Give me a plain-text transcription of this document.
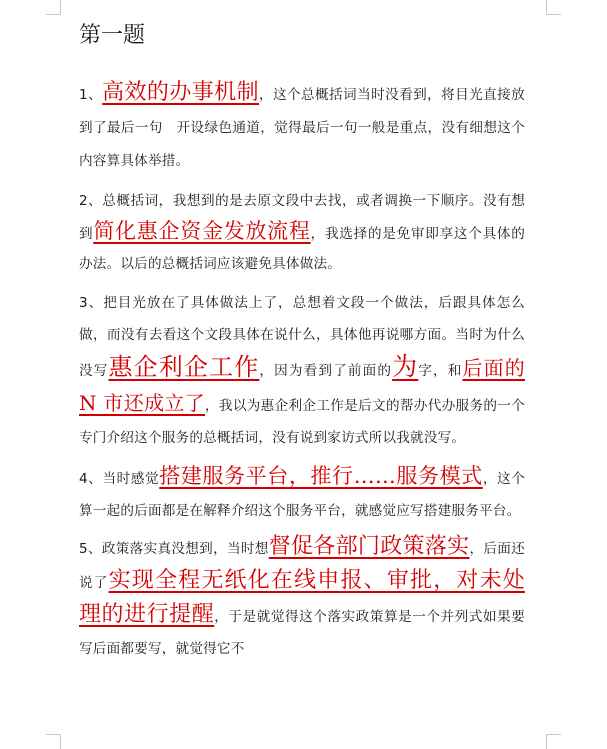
第一题

1、高效的办事机制，这个总概括词当时没看到，将目光直接放到了最后一句　开设绿色通道，觉得最后一句一般是重点，没有细想这个内容算具体举措。

2、总概括词，我想到的是去原文段中去找，或者调换一下顺序。没有想到简化惠企资金发放流程，我选择的是免审即享这个具体的办法。以后的总概括词应该避免具体做法。

3、把目光放在了具体做法上了，总想着文段一个做法，后跟具体怎么做，而没有去看这个文段具体在说什么，具体他再说哪方面。当时为什么没写惠企利企工作，因为看到了前面的为字，和后面的 N 市还成立了，我以为惠企利企工作是后文的帮办代办服务的一个专门介绍这个服务的总概括词，没有说到家访式所以我就没写。

4、当时感觉搭建服务平台，推行……服务模式，这个算一起的后面都是在解释介绍这个服务平台，就感觉应写搭建服务平台。

5、政策落实真没想到，当时想督促各部门政策落实，后面还说了实现全程无纸化在线申报、审批，对未处理的进行提醒，于是就觉得这个落实政策算是一个并列式如果要写后面都要写，就觉得它不
